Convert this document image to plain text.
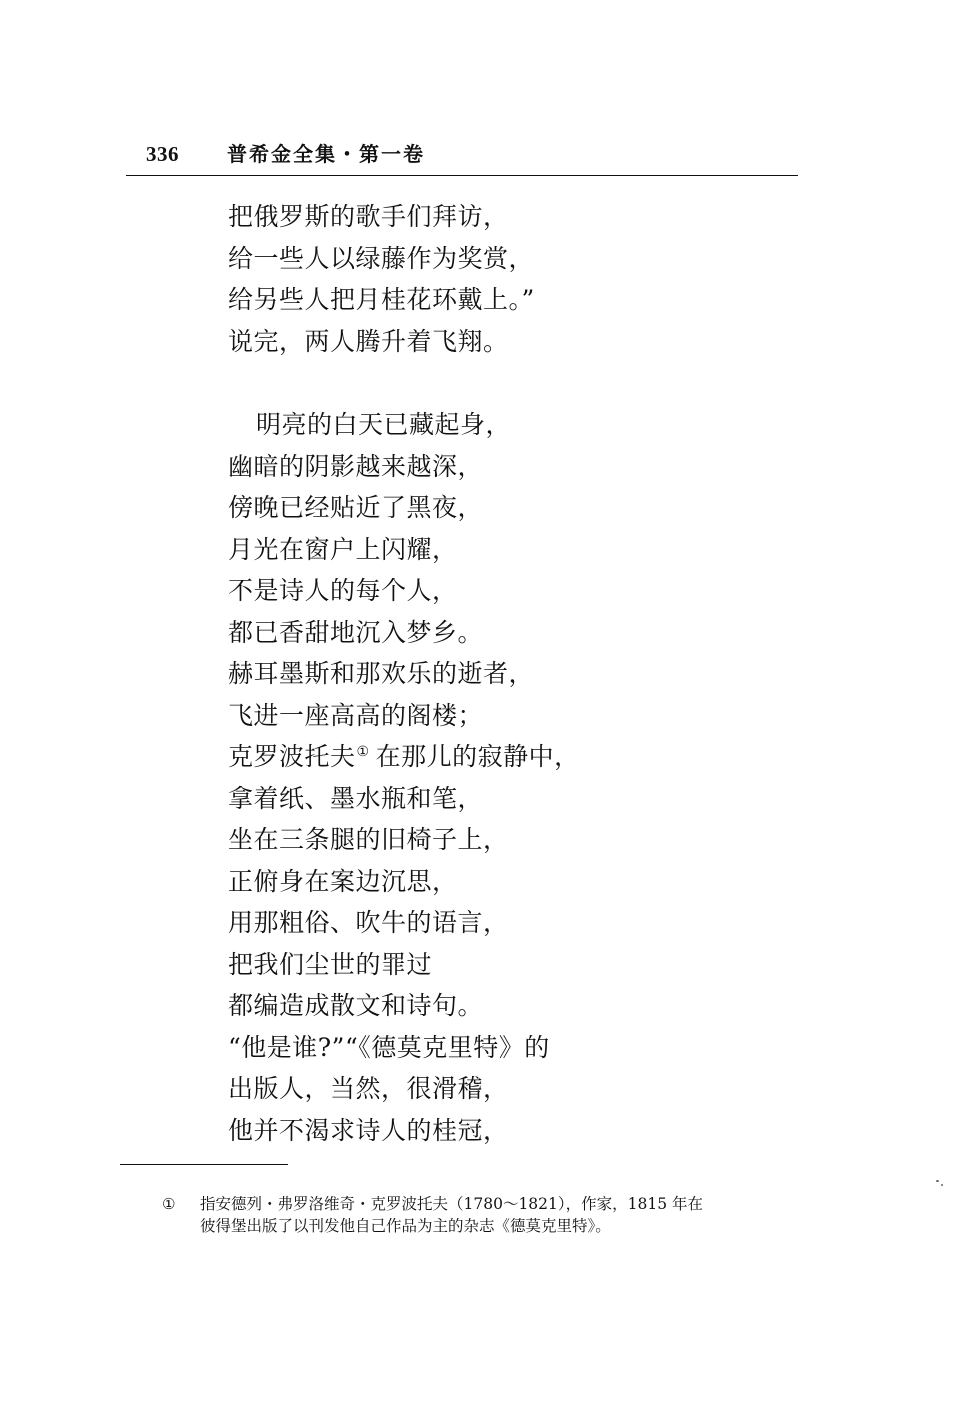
336 普希金全集・第一卷
把俄罗斯的歌手们拜访，
给一些人以绿藤作为奖赏，
给另些人把月桂花环戴上。”
说完，两人腾升着飞翔。
明亮的白天已藏起身，
幽暗的阴影越来越深，
傍晚已经贴近了黑夜，
月光在窗户上闪耀，
不是诗人的每个人，
都已香甜地沉入梦乡。
赫耳墨斯和那欢乐的逝者，
飞进一座高高的阁楼；
克罗波托夫① 在那儿的寂静中，
拿着纸、墨水瓶和笔，
坐在三条腿的旧椅子上，
正俯身在案边沉思，
用那粗俗、吹牛的语言，
把我们尘世的罪过
都编造成散文和诗句。
“他是谁?”“《德莫克里特》的
出版人，当然，很滑稽，
他并不渴求诗人的桂冠，
① 指安德列・弗罗洛维奇・克罗波托夫（1780～1821），作家，1815 年在
彼得堡出版了以刊发他自己作品为主的杂志《德莫克里特》。
